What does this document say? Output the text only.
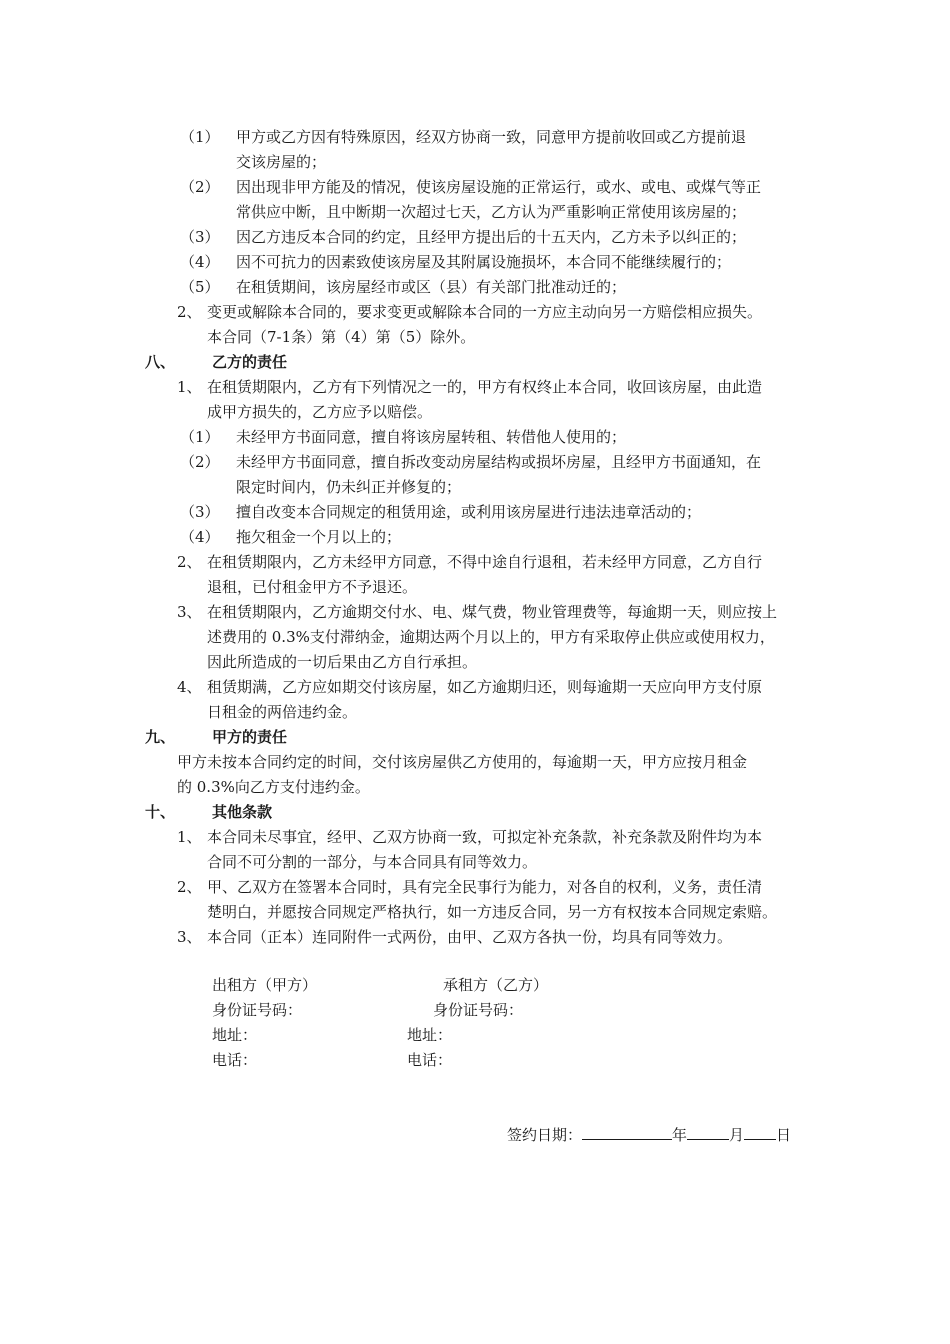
（1） 甲方或乙方因有特殊原因，经双方协商一致，同意甲方提前收回或乙方提前退
交该房屋的；
（2） 因出现非甲方能及的情况，使该房屋设施的正常运行，或水、或电、或煤气等正
常供应中断，且中断期一次超过七天，乙方认为严重影响正常使用该房屋的；
（3） 因乙方违反本合同的约定，且经甲方提出后的十五天内，乙方未予以纠正的；
（4） 因不可抗力的因素致使该房屋及其附属设施损坏，本合同不能继续履行的；
（5） 在租赁期间，该房屋经市或区（县）有关部门批准动迁的；
2、 变更或解除本合同的，要求变更或解除本合同的一方应主动向另一方赔偿相应损失。
本合同（7-1条）第（4）第（5）除外。
八、 乙方的责任
1、 在租赁期限内，乙方有下列情况之一的，甲方有权终止本合同，收回该房屋，由此造
成甲方损失的，乙方应予以赔偿。
（1） 未经甲方书面同意，擅自将该房屋转租、转借他人使用的；
（2） 未经甲方书面同意，擅自拆改变动房屋结构或损坏房屋，且经甲方书面通知，在
限定时间内，仍未纠正并修复的；
（3） 擅自改变本合同规定的租赁用途，或利用该房屋进行违法违章活动的；
（4） 拖欠租金一个月以上的；
2、 在租赁期限内，乙方未经甲方同意，不得中途自行退租，若未经甲方同意，乙方自行
退租，已付租金甲方不予退还。
3、 在租赁期限内，乙方逾期交付水、电、煤气费，物业管理费等，每逾期一天，则应按上
述费用的 0.3%支付滞纳金，逾期达两个月以上的，甲方有采取停止供应或使用权力，
因此所造成的一切后果由乙方自行承担。
4、 租赁期满，乙方应如期交付该房屋，如乙方逾期归还，则每逾期一天应向甲方支付原
日租金的两倍违约金。
九、 甲方的责任
甲方未按本合同约定的时间，交付该房屋供乙方使用的，每逾期一天，甲方应按月租金
的 0.3%向乙方支付违约金。
十、 其他条款
1、 本合同未尽事宜，经甲、乙双方协商一致，可拟定补充条款，补充条款及附件均为本
合同不可分割的一部分，与本合同具有同等效力。
2、 甲、乙双方在签署本合同时，具有完全民事行为能力，对各自的权利，义务，责任清
楚明白，并愿按合同规定严格执行，如一方违反合同，另一方有权按本合同规定索赔。
3、 本合同（正本）连同附件一式两份，由甲、乙双方各执一份，均具有同等效力。
出租方（甲方）	承租方（乙方）
身份证号码：	身份证号码：
地址：	地址：
电话：	电话：
签约日期：	年	月 日
